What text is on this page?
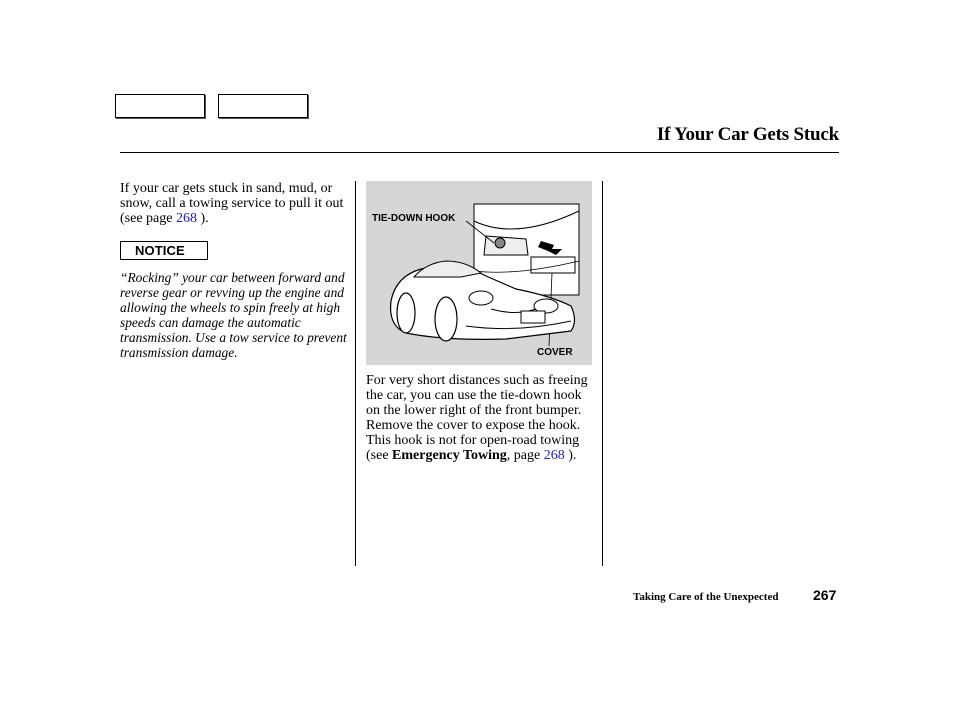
If Your Car Gets Stuck
If your car gets stuck in sand, mud, or snow, call a towing service to pull it out (see page 268 ).
NOTICE
“Rocking” your car between forward and reverse gear or revving up the engine and allowing the wheels to spin freely at high speeds can damage the automatic transmission. Use a tow service to prevent transmission damage.
TIE-DOWN HOOK
COVER
For very short distances such as freeing the car, you can use the tie-down hook on the lower right of the front bumper. Remove the cover to expose the hook. This hook is not for open-road towing (see Emergency Towing, page 268 ).
Taking Care of the Unexpected 267
